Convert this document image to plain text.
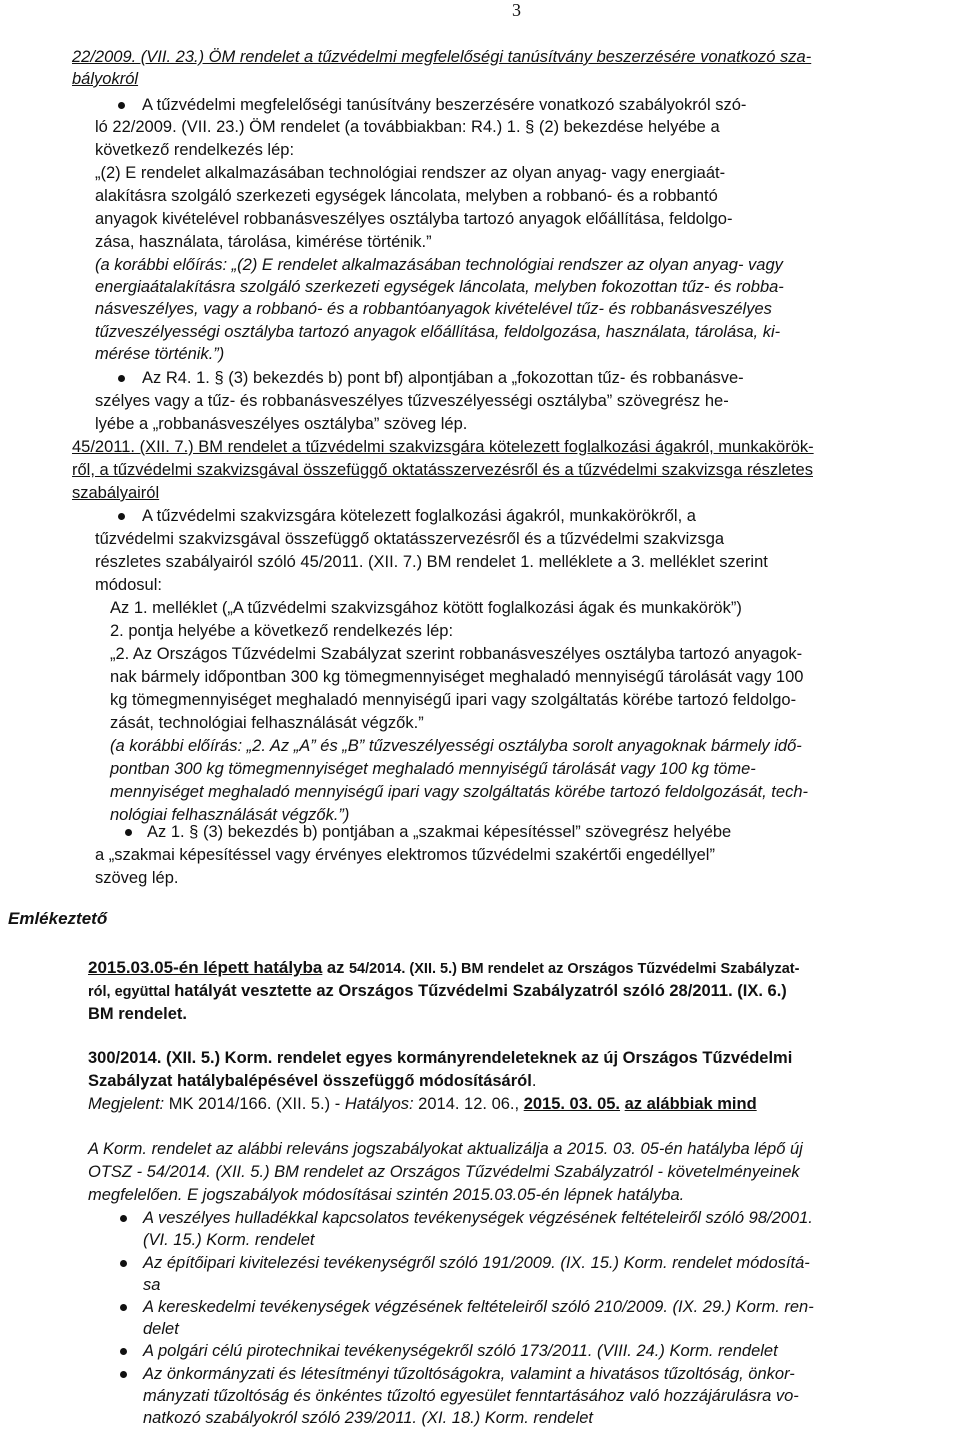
3
22/2009. (VII. 23.) ÖM rendelet a tűzvédelmi megfelelőségi tanúsítvány beszerzésére vonatkozó sza-
bályokról
A tűzvédelmi megfelelőségi tanúsítvány beszerzésére vonatkozó szabályokról szó-
ló 22/2009. (VII. 23.) ÖM rendelet (a továbbiakban: R4.) 1. § (2) bekezdése helyébe a
következő rendelkezés lép:
„(2) E rendelet alkalmazásában technológiai rendszer az olyan anyag- vagy energiaát-
alakításra szolgáló szerkezeti egységek láncolata, melyben a robbanó- és a robbantó
anyagok kivételével robbanásveszélyes osztályba tartozó anyagok előállítása, feldolgo-
zása, használata, tárolása, kimérése történik.”
(a korábbi előírás: „(2) E rendelet alkalmazásában technológiai rendszer az olyan anyag- vagy
energiaátalakításra szolgáló szerkezeti egységek láncolata, melyben fokozottan tűz- és robba-
násveszélyes, vagy a robbanó- és a robbantóanyagok kivételével tűz- és robbanásveszélyes
tűzveszélyességi osztályba tartozó anyagok előállítása, feldolgozása, használata, tárolása, ki-
mérése történik.”)
Az R4. 1. § (3) bekezdés b) pont bf) alpontjában a „fokozottan tűz- és robbanásve-
szélyes vagy a tűz- és robbanásveszélyes tűzveszélyességi osztályba” szövegrész he-
lyébe a „robbanásveszélyes osztályba” szöveg lép.
45/2011. (XII. 7.) BM rendelet a tűzvédelmi szakvizsgára kötelezett foglalkozási ágakról, munkakörök-
ről, a tűzvédelmi szakvizsgával összefüggő oktatásszervezésről és a tűzvédelmi szakvizsga részletes
szabályairól
A tűzvédelmi szakvizsgára kötelezett foglalkozási ágakról, munkakörökről, a
tűzvédelmi szakvizsgával összefüggő oktatásszervezésről és a tűzvédelmi szakvizsga
részletes szabályairól szóló 45/2011. (XII. 7.) BM rendelet 1. melléklete a 3. melléklet szerint
módosul:
Az 1. melléklet („A tűzvédelmi szakvizsgához kötött foglalkozási ágak és munkakörök”)
2. pontja helyébe a következő rendelkezés lép:
„2. Az Országos Tűzvédelmi Szabályzat szerint robbanásveszélyes osztályba tartozó anyagok-
nak bármely időpontban 300 kg tömegmennyiséget meghaladó mennyiségű tárolását vagy 100
kg tömegmennyiséget meghaladó mennyiségű ipari vagy szolgáltatás körébe tartozó feldolgo-
zását, technológiai felhasználását végzők.”
(a korábbi előírás: „2. Az „A” és „B” tűzveszélyességi osztályba sorolt anyagoknak bármely idő-
pontban 300 kg tömegmennyiséget meghaladó mennyiségű tárolását vagy 100 kg töme-
mennyiséget meghaladó mennyiségű ipari vagy szolgáltatás körébe tartozó feldolgozását, tech-
nológiai felhasználását végzők.”)
Az 1. § (3) bekezdés b) pontjában a „szakmai képesítéssel” szövegrész helyébe
a „szakmai képesítéssel vagy érvényes elektromos tűzvédelmi szakértői engedéllyel”
szöveg lép.
Emlékeztető
2015.03.05-én lépett hatályba az 54/2014. (XII. 5.) BM rendelet az Országos Tűzvédelmi Szabályzat-
ról, együttal hatályát vesztette az Országos Tűzvédelmi Szabályzatról szóló 28/2011. (IX. 6.)
BM rendelet.
300/2014. (XII. 5.) Korm. rendelet egyes kormányrendeleteknek az új Országos Tűzvédelmi
Szabályzat hatálybalépésével összefüggő módosításáról.
Megjelent: MK 2014/166. (XII. 5.) - Hatályos: 2014. 12. 06., 2015. 03. 05. az alábbiak mind
A Korm. rendelet az alábbi releváns jogszabályokat aktualizálja a 2015. 03. 05-én hatályba lépő új
OTSZ - 54/2014. (XII. 5.) BM rendelet az Országos Tűzvédelmi Szabályzatról - követelményeinek
megfelelően. E jogszabályok módosításai szintén 2015.03.05-én lépnek hatályba.
A veszélyes hulladékkal kapcsolatos tevékenységek végzésének feltételeiről szóló 98/2001.
(VI. 15.) Korm. rendelet
Az építőipari kivitelezési tevékenységről szóló 191/2009. (IX. 15.) Korm. rendelet módosítá-
sa
A kereskedelmi tevékenységek végzésének feltételeiről szóló 210/2009. (IX. 29.) Korm. ren-
delet
A polgári célú pirotechnikai tevékenységekről szóló 173/2011. (VIII. 24.) Korm. rendelet
Az önkormányzati és létesítményi tűzoltóságokra, valamint a hivatásos tűzoltóság, önkor-
mányzati tűzoltóság és önkéntes tűzoltó egyesület fenntartásához való hozzájárulásra vo-
natkozó szabályokról szóló 239/2011. (XI. 18.) Korm. rendelet
